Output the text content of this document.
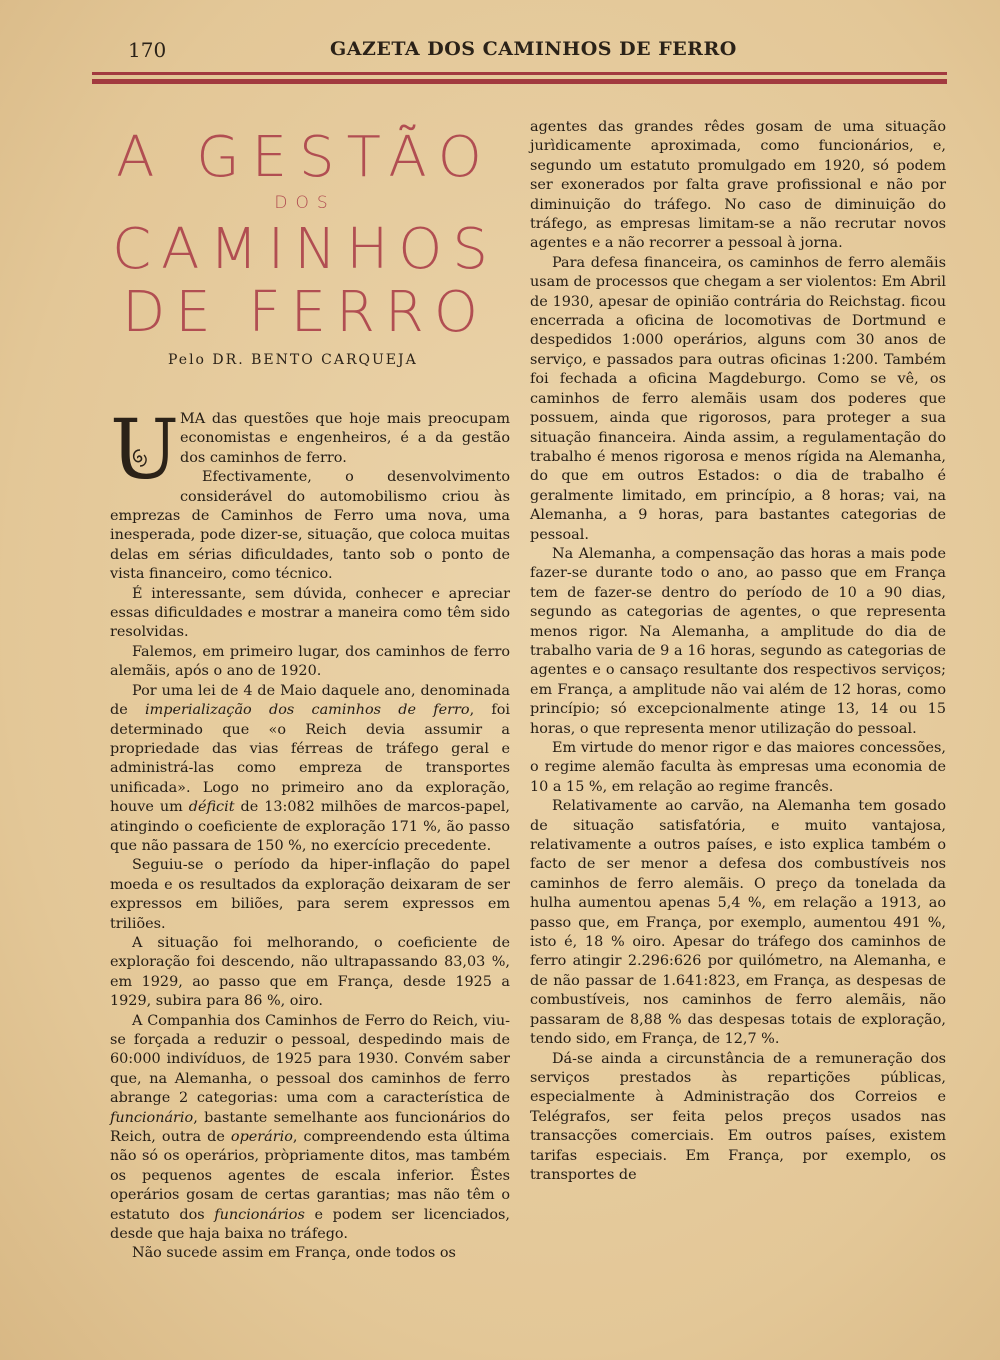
170	GAZETA DOS CAMINHOS DE FERRO
A GESTÃO
DOS
CAMINHOS
DE FERRO
Pelo DR. BENTO CARQUEJA
U MA das questões que hoje mais preocupam economistas e engenheiros, é a da gestão dos caminhos de ferro.

Efectivamente, o desenvolvimento considerável do automobilismo criou às emprezas de Caminhos de Ferro uma nova, uma inesperada, pode dizer-se, situação, que coloca muitas delas em sérias dificuldades, tanto sob o ponto de vista financeiro, como técnico.

É interessante, sem dúvida, conhecer e apreciar essas dificuldades e mostrar a maneira como têm sido resolvidas.

Falemos, em primeiro lugar, dos caminhos de ferro alemãis, após o ano de 1920.

Por uma lei de 4 de Maio daquele ano, denominada de imperialização dos caminhos de ferro, foi determinado que «o Reich devia assumir a propriedade das vias férreas de tráfego geral e administrá-las como empreza de transportes unificada». Logo no primeiro ano da exploração, houve um déficit de 13:082 milhões de marcos-papel, atingindo o coeficiente de exploração 171 %, ão passo que não passara de 150 %, no exercício precedente.

Seguiu-se o período da hiper-inflação do papel moeda e os resultados da exploração deixaram de ser expressos em biliões, para serem expressos em triliões.

A situação foi melhorando, o coeficiente de exploração foi descendo, não ultrapassando 83,03 %, em 1929, ao passo que em França, desde 1925 a 1929, subira para 86 %, oiro.

A Companhia dos Caminhos de Ferro do Reich, viu-se forçada a reduzir o pessoal, despedindo mais de 60:000 indivíduos, de 1925 para 1930. Convém saber que, na Alemanha, o pessoal dos caminhos de ferro abrange 2 categorias: uma com a característica de funcionário, bastante semelhante aos funcionários do Reich, outra de operário, compreendendo esta última não só os operários, pròpriamente ditos, mas também os pequenos agentes de escala inferior. Êstes operários gosam de certas garantias; mas não têm o estatuto dos funcionários e podem ser licenciados, desde que haja baixa no tráfego.

Não sucede assim em França, onde todos os

agentes das grandes rêdes gosam de uma situação jurìdicamente aproximada, como funcionários, e, segundo um estatuto promulgado em 1920, só podem ser exonerados por falta grave profissional e não por diminuição do tráfego. No caso de diminuição do tráfego, as empresas limitam-se a não recrutar novos agentes e a não recorrer a pessoal à jorna.

Para defesa financeira, os caminhos de ferro alemãis usam de processos que chegam a ser violentos: Em Abril de 1930, apesar de opinião contrária do Reichstag. ficou encerrada a oficina de locomotivas de Dortmund e despedidos 1:000 operários, alguns com 30 anos de serviço, e passados para outras oficinas 1:200. Também foi fechada a oficina Magdeburgo. Como se vê, os caminhos de ferro alemãis usam dos poderes que possuem, ainda que rigorosos, para proteger a sua situação financeira. Ainda assim, a regulamentação do trabalho é menos rigorosa e menos rígida na Alemanha, do que em outros Estados: o dia de trabalho é geralmente limitado, em princípio, a 8 horas; vai, na Alemanha, a 9 horas, para bastantes categorias de pessoal.

Na Alemanha, a compensação das horas a mais pode fazer-se durante todo o ano, ao passo que em França tem de fazer-se dentro do período de 10 a 90 dias, segundo as categorias de agentes, o que representa menos rigor. Na Alemanha, a amplitude do dia de trabalho varia de 9 a 16 horas, segundo as categorias de agentes e o cansaço resultante dos respectivos serviços; em França, a amplitude não vai além de 12 horas, como princípio; só excepcionalmente atinge 13, 14 ou 15 horas, o que representa menor utilização do pessoal.

Em virtude do menor rigor e das maiores concessões, o regime alemão faculta às empresas uma economia de 10 a 15 %, em relação ao regime francês.

Relativamente ao carvão, na Alemanha tem gosado de situação satisfatória, e muito vantajosa, relativamente a outros países, e isto explica também o facto de ser menor a defesa dos combustíveis nos caminhos de ferro alemãis. O preço da tonelada da hulha aumentou apenas 5,4 %, em relação a 1913, ao passo que, em França, por exemplo, aumentou 491 %, isto é, 18 % oiro. Apesar do tráfego dos caminhos de ferro atingir 2.296:626 por quilómetro, na Alemanha, e de não passar de 1.641:823, em França, as despesas de combustíveis, nos caminhos de ferro alemãis, não passaram de 8,88 % das despesas totais de exploração, tendo sido, em França, de 12,7 %.

Dá-se ainda a circunstância de a remuneração dos serviços prestados às repartições públicas, especialmente à Administração dos Correios e Telégrafos, ser feita pelos preços usados nas transacções comerciais. Em outros países, existem tarifas especiais. Em França, por exemplo, os transportes de
